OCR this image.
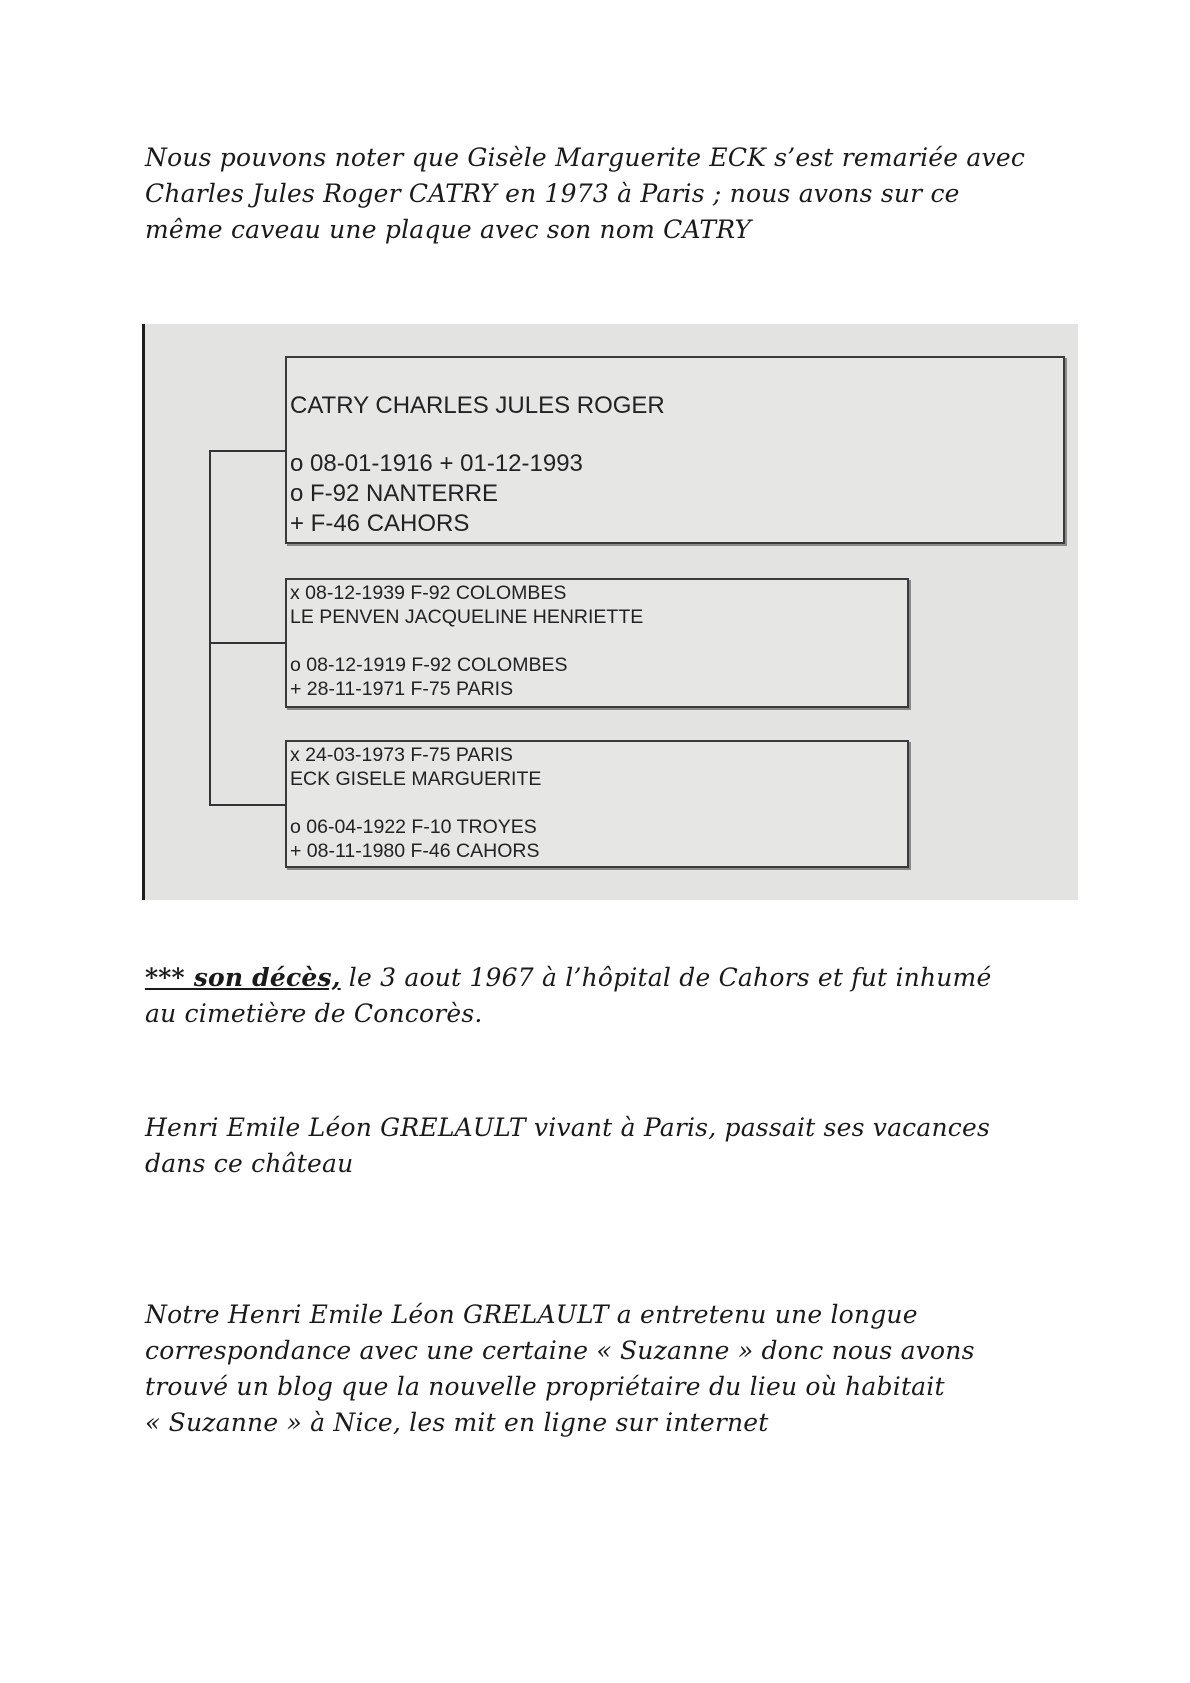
Nous pouvons noter que Gisèle Marguerite ECK s’est remariée avec
Charles Jules Roger CATRY en 1973 à Paris ; nous avons sur ce
même caveau une plaque avec son nom CATRY
CATRY CHARLES JULES ROGER
o 08-01-1916 + 01-12-1993
o F-92 NANTERRE
+ F-46 CAHORS
x 08-12-1939 F-92 COLOMBES
LE PENVEN JACQUELINE HENRIETTE
o 08-12-1919 F-92 COLOMBES
+ 28-11-1971 F-75 PARIS
x 24-03-1973 F-75 PARIS
ECK GISELE MARGUERITE
o 06-04-1922 F-10 TROYES
+ 08-11-1980 F-46 CAHORS
*** son décès, le 3 aout 1967 à l’hôpital de Cahors et fut inhumé
au cimetière de Concorès.
Henri Emile Léon GRELAULT vivant à Paris, passait ses vacances
dans ce château
Notre Henri Emile Léon GRELAULT a entretenu une longue
correspondance avec une certaine « Suzanne » donc nous avons
trouvé un blog que la nouvelle propriétaire du lieu où habitait
« Suzanne » à Nice, les mit en ligne sur internet
